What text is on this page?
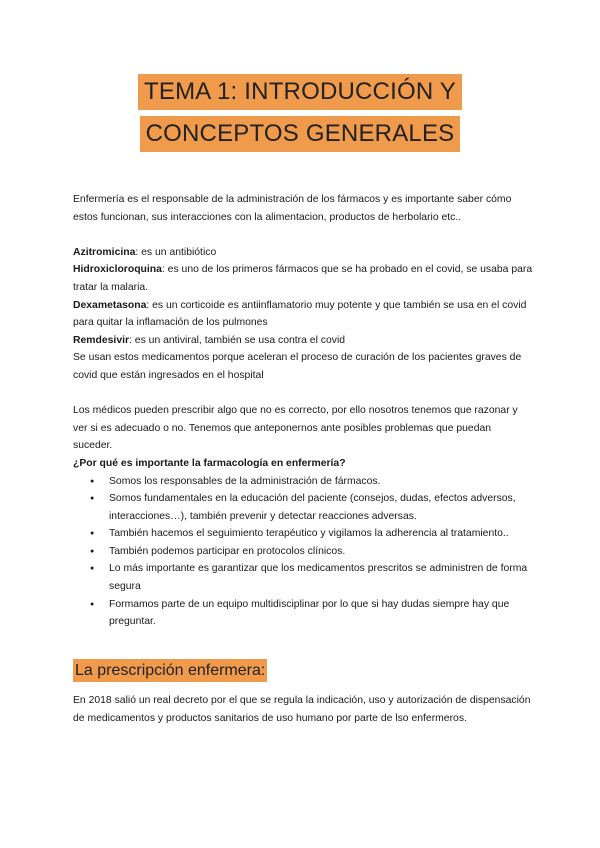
TEMA 1: INTRODUCCIÓN Y
CONCEPTOS GENERALES

Enfermería es el responsable de la administración de los fármacos y es importante saber cómo estos funcionan, sus interacciones con la alimentacion, productos de herbolario etc..

Azitromicina: es un antibiótico

Hidroxicloroquina: es uno de los primeros fármacos que se ha probado en el covid, se usaba para tratar la malaria.

Dexametasona: es un corticoide es antiinflamatorio muy potente y que también se usa en el covid para quitar la inflamación de los pulmones

Remdesivir: es un antiviral, también se usa contra el covid

Se usan estos medicamentos porque aceleran el proceso de curación de los pacientes graves de covid que están ingresados en el hospital

Los médicos pueden prescribir algo que no es correcto, por ello nosotros tenemos que razonar y ver si es adecuado o no. Tenemos que anteponernos ante posibles problemas que puedan suceder.

¿Por qué es importante la farmacología en enfermería?

● Somos los responsables de la administración de fármacos.
● Somos fundamentales en la educación del paciente (consejos, dudas, efectos adversos, interacciones…), también prevenir y detectar reacciones adversas.
● También hacemos el seguimiento terapéutico y vigilamos la adherencia al tratamiento..
● También podemos participar en protocolos clínicos.
● Lo más importante es garantizar que los medicamentos prescritos se administren de forma segura
● Formamos parte de un equipo multidisciplinar por lo que si hay dudas siempre hay que preguntar.
La prescripción enfermera:

En 2018 salió un real decreto por el que se regula la indicación, uso y autorización de dispensación de medicamentos y productos sanitarios de uso humano por parte de lso enfermeros.
